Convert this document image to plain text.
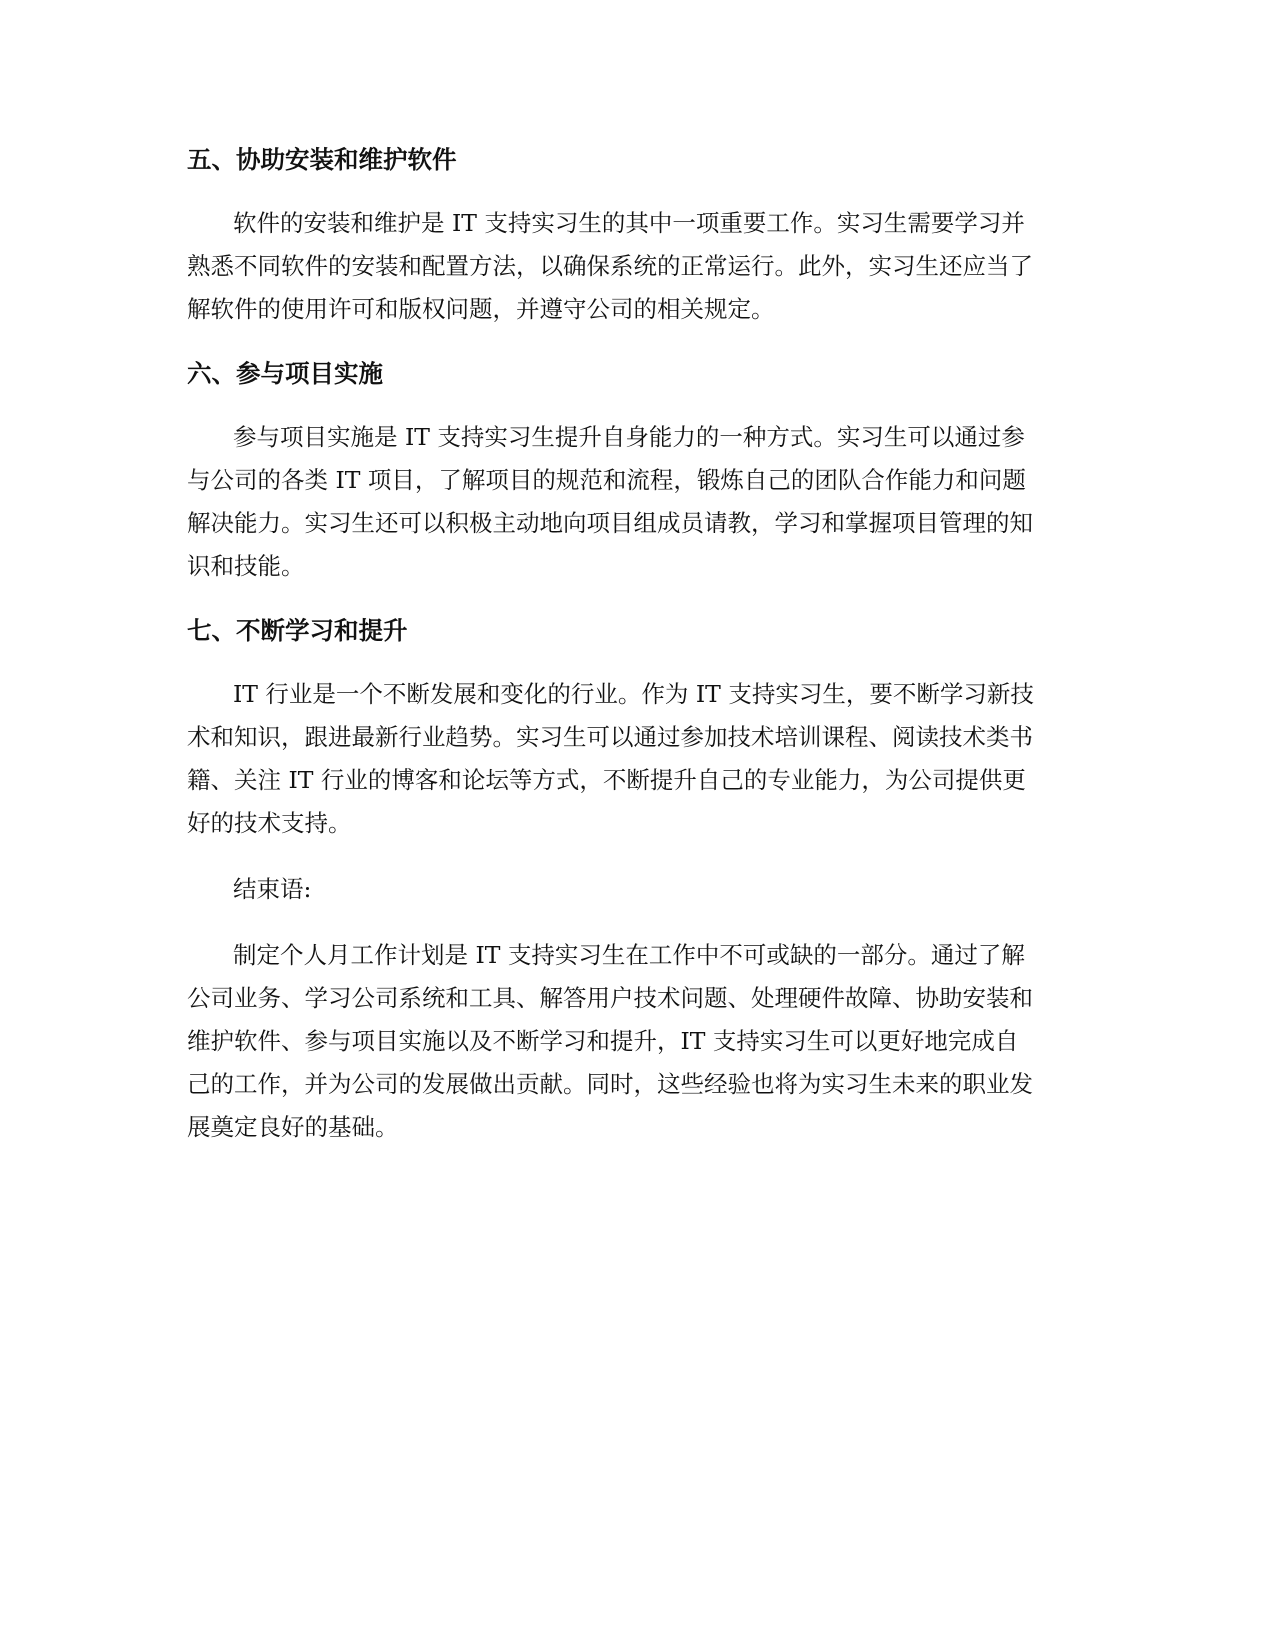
五、协助安装和维护软件

软件的安装和维护是 IT 支持实习生的其中一项重要工作。实习生需要学习并
熟悉不同软件的安装和配置方法，以确保系统的正常运行。此外，实习生还应当了
解软件的使用许可和版权问题，并遵守公司的相关规定。

六、参与项目实施

参与项目实施是 IT 支持实习生提升自身能力的一种方式。实习生可以通过参
与公司的各类 IT 项目，了解项目的规范和流程，锻炼自己的团队合作能力和问题
解决能力。实习生还可以积极主动地向项目组成员请教，学习和掌握项目管理的知
识和技能。

七、不断学习和提升

IT 行业是一个不断发展和变化的行业。作为 IT 支持实习生，要不断学习新技
术和知识，跟进最新行业趋势。实习生可以通过参加技术培训课程、阅读技术类书
籍、关注 IT 行业的博客和论坛等方式，不断提升自己的专业能力，为公司提供更
好的技术支持。

结束语:

制定个人月工作计划是 IT 支持实习生在工作中不可或缺的一部分。通过了解
公司业务、学习公司系统和工具、解答用户技术问题、处理硬件故障、协助安装和
维护软件、参与项目实施以及不断学习和提升，IT 支持实习生可以更好地完成自
己的工作，并为公司的发展做出贡献。同时，这些经验也将为实习生未来的职业发
展奠定良好的基础。
